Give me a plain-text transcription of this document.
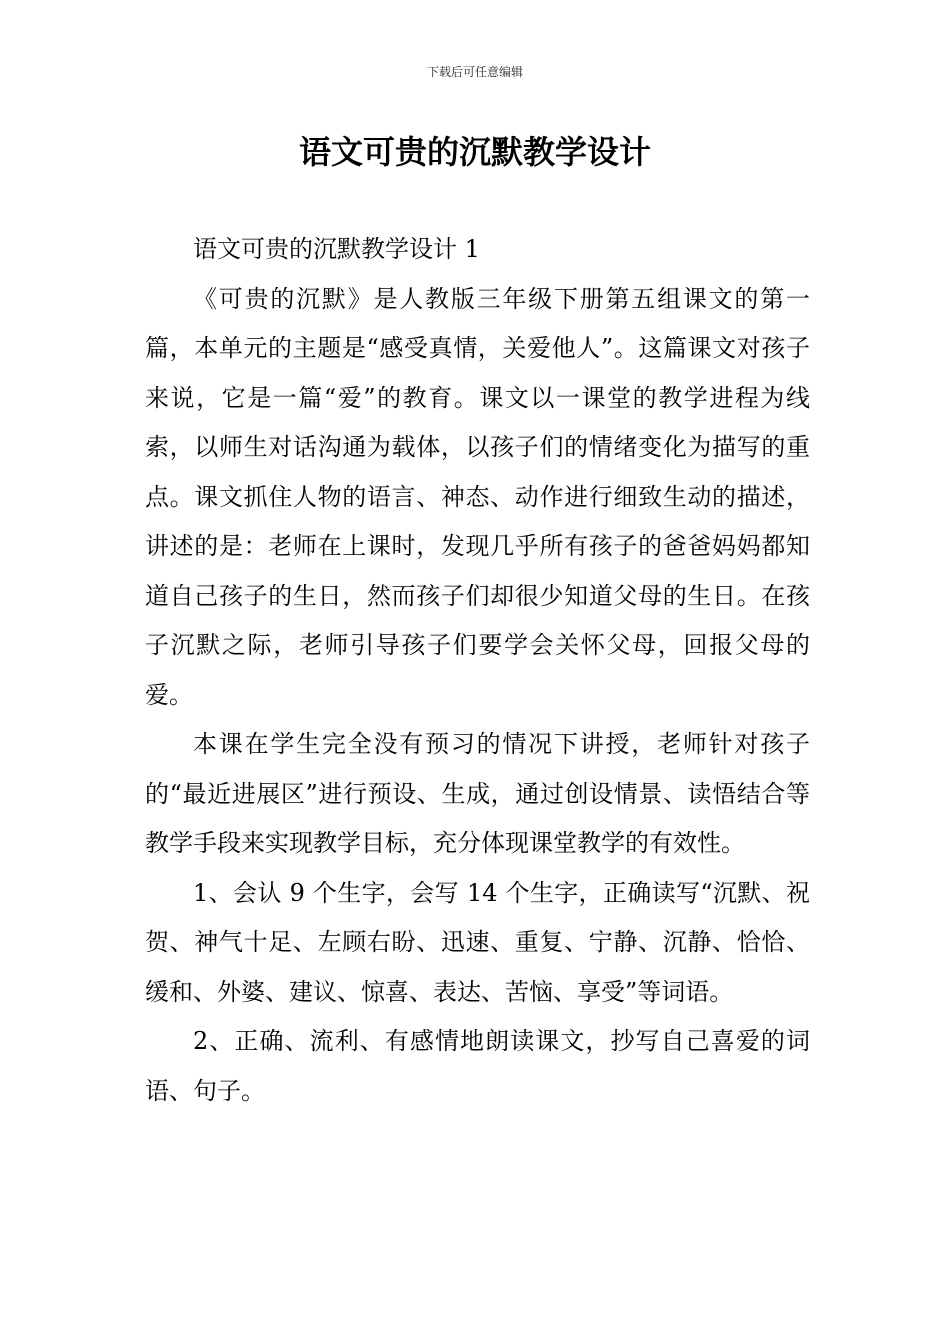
下载后可任意编辑
语文可贵的沉默教学设计

语文可贵的沉默教学设计 1

《可贵的沉默》是人教版三年级下册第五组课文的第一篇，本单元的主题是“感受真情，关爱他人”。这篇课文对孩子来说，它是一篇“爱”的教育。课文以一课堂的教学进程为线索，以师生对话沟通为载体，以孩子们的情绪变化为描写的重点。课文抓住人物的语言、神态、动作进行细致生动的描述，讲述的是：老师在上课时，发现几乎所有孩子的爸爸妈妈都知道自己孩子的生日，然而孩子们却很少知道父母的生日。在孩子沉默之际，老师引导孩子们要学会关怀父母，回报父母的爱。

本课在学生完全没有预习的情况下讲授，老师针对孩子的“最近进展区”进行预设、生成，通过创设情景、读悟结合等教学手段来实现教学目标，充分体现课堂教学的有效性。

1、会认 9 个生字，会写 14 个生字，正确读写“沉默、祝贺、神气十足、左顾右盼、迅速、重复、宁静、沉静、恰恰、缓和、外婆、建议、惊喜、表达、苦恼、享受”等词语。

2、正确、流利、有感情地朗读课文，抄写自己喜爱的词语、句子。
